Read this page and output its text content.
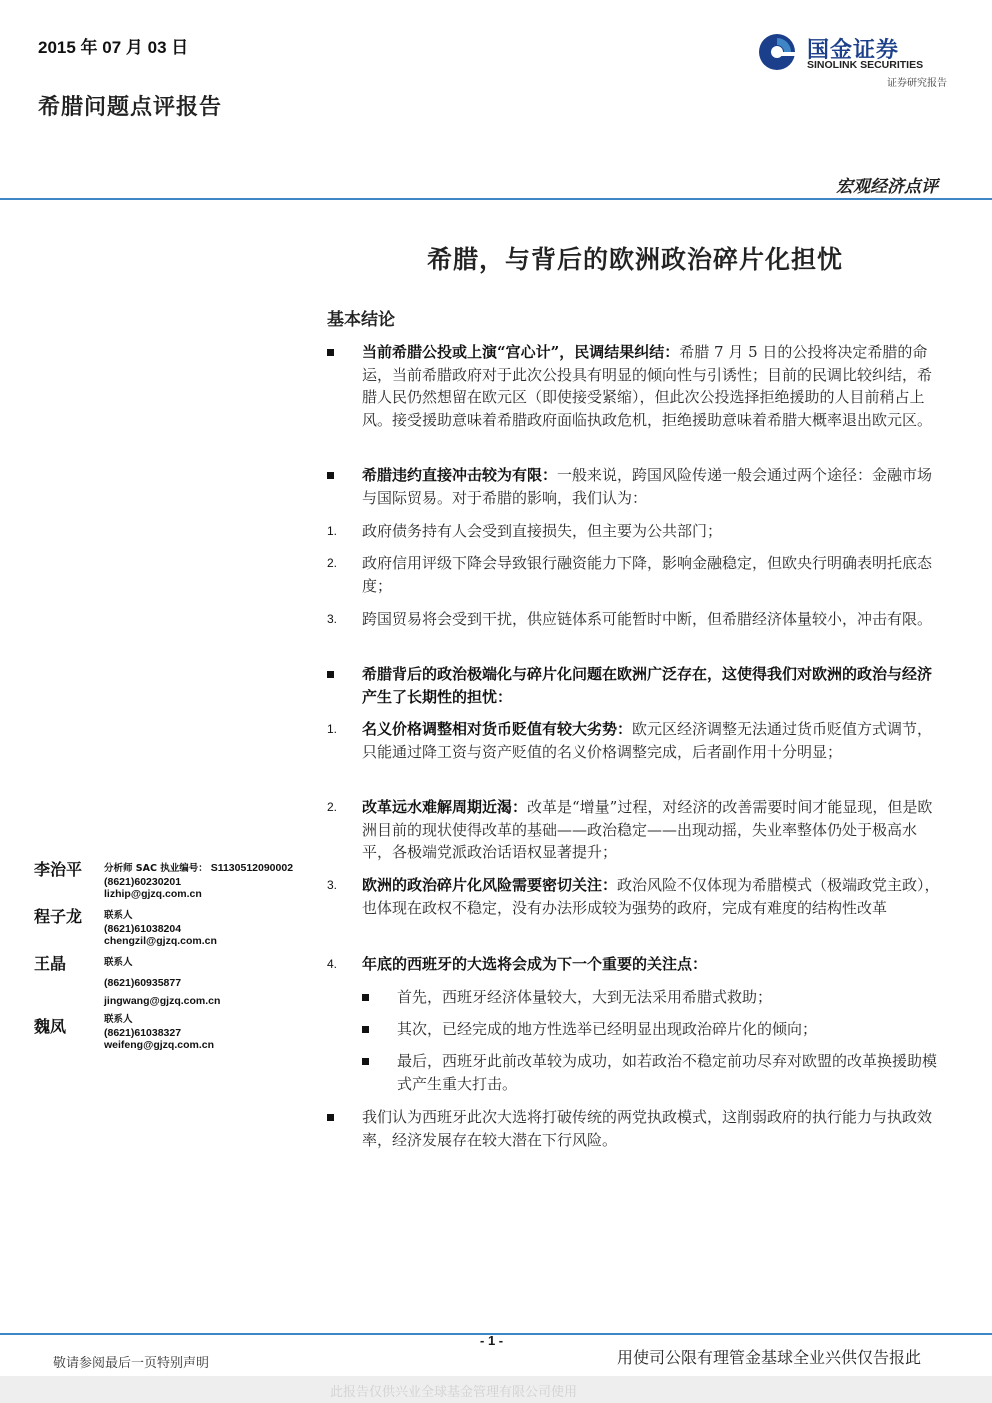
2015 年 07 月 03 日
希腊问题点评报告
国金证券
SINOLINK SECURITIES
证券研究报告
宏观经济点评
希腊，与背后的欧洲政治碎片化担忧
基本结论
当前希腊公投或上演“宫心计”，民调结果纠结：希腊 7 月 5 日的公投将决定希腊的命运，当前希腊政府对于此次公投具有明显的倾向性与引诱性；目前的民调比较纠结，希腊人民仍然想留在欧元区（即使接受紧缩），但此次公投选择拒绝援助的人目前稍占上风。接受援助意味着希腊政府面临执政危机，拒绝援助意味着希腊大概率退出欧元区。
希腊违约直接冲击较为有限：一般来说，跨国风险传递一般会通过两个途径：金融市场与国际贸易。对于希腊的影响，我们认为：
1. 政府债务持有人会受到直接损失，但主要为公共部门；
2. 政府信用评级下降会导致银行融资能力下降，影响金融稳定，但欧央行明确表明托底态度；
3. 跨国贸易将会受到干扰，供应链体系可能暂时中断，但希腊经济体量较小，冲击有限。
希腊背后的政治极端化与碎片化问题在欧洲广泛存在，这使得我们对欧洲的政治与经济产生了长期性的担忧：
1. 名义价格调整相对货币贬值有较大劣势：欧元区经济调整无法通过货币贬值方式调节，只能通过降工资与资产贬值的名义价格调整完成，后者副作用十分明显；
2. 改革远水难解周期近渴：改革是“增量”过程，对经济的改善需要时间才能显现，但是欧洲目前的现状使得改革的基础——政治稳定——出现动摇，失业率整体仍处于极高水平，各极端党派政治话语权显著提升；
3. 欧洲的政治碎片化风险需要密切关注：政治风险不仅体现为希腊模式（极端政党主政），也体现在政权不稳定，没有办法形成较为强势的政府，完成有难度的结构性改革
4. 年底的西班牙的大选将会成为下一个重要的关注点：
首先，西班牙经济体量较大，大到无法采用希腊式救助；
其次，已经完成的地方性选举已经明显出现政治碎片化的倾向；
最后，西班牙此前改革较为成功，如若政治不稳定前功尽弃对欧盟的改革换援助模式产生重大打击。
我们认为西班牙此次大选将打破传统的两党执政模式，这削弱政府的执行能力与执政效率，经济发展存在较大潜在下行风险。
李治平 分析师 SAC 执业编号： S1130512090002
(8621)60230201
lizhip@gjzq.com.cn
程子龙 联系人
(8621)61038204
chengzil@gjzq.com.cn
王晶	联系人
(8621)60935877
jingwang@gjzq.com.cn
魏凤	联系人
(8621)61038327
weifeng@gjzq.com.cn
- 1 -
敬请参阅最后一页特别声明	用使司公限有理管金基球全业兴供仅告报此
此报告仅供兴业全球基金管理有限公司使用
